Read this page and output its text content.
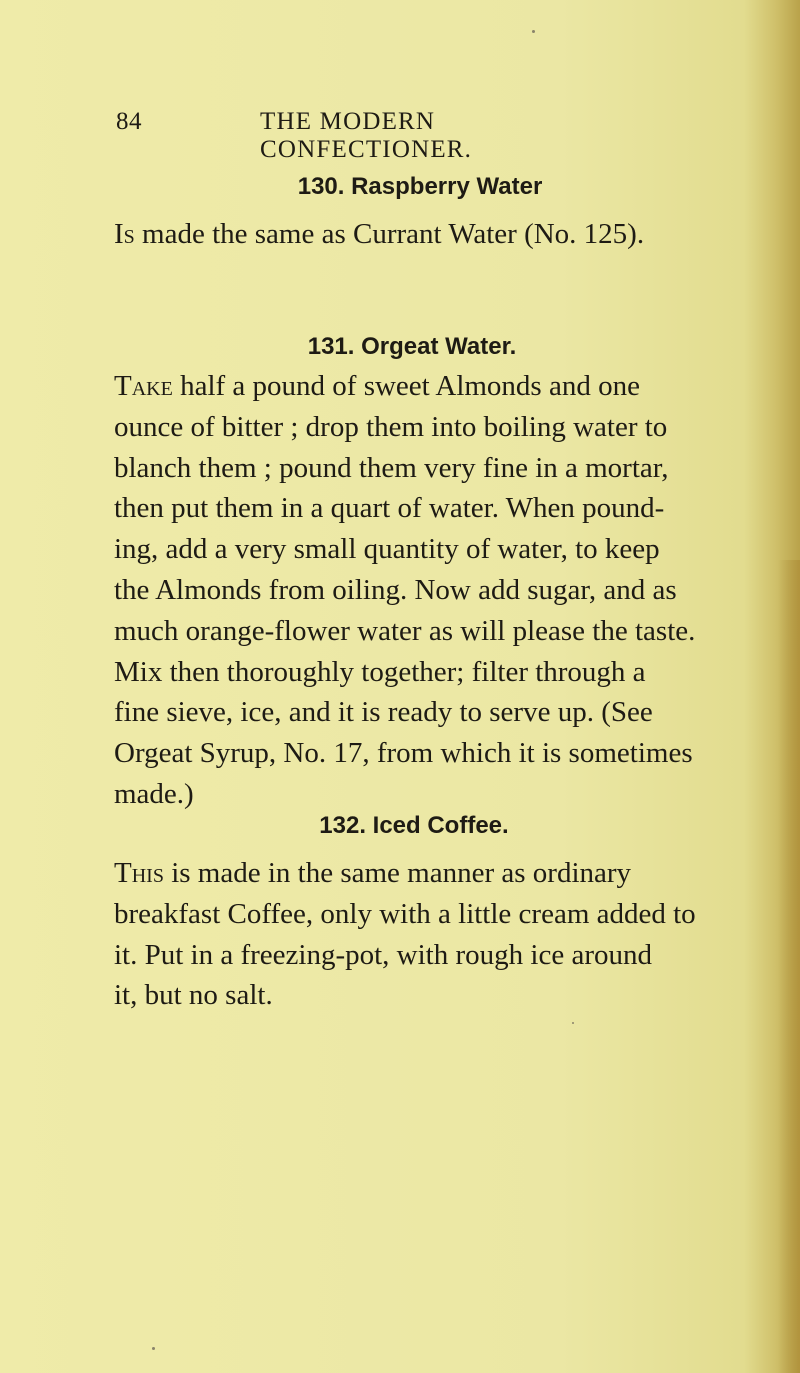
84	THE MODERN CONFECTIONER.
130. Raspberry Water
Is made the same as Currant Water (No. 125).
131. Orgeat Water.
Take half a pound of sweet Almonds and one
ounce of bitter ; drop them into boiling water to
blanch them ; pound them very fine in a mortar,
then put them in a quart of water. When pound-
ing, add a very small quantity of water, to keep
the Almonds from oiling. Now add sugar, and as
much orange-flower water as will please the taste.
Mix then thoroughly together; filter through a
fine sieve, ice, and it is ready to serve up. (See
Orgeat Syrup, No. 17, from which it is sometimes
made.)
132. Iced Coffee.
This is made in the same manner as ordinary
breakfast Coffee, only with a little cream added to
it. Put in a freezing-pot, with rough ice around
it, but no salt.
